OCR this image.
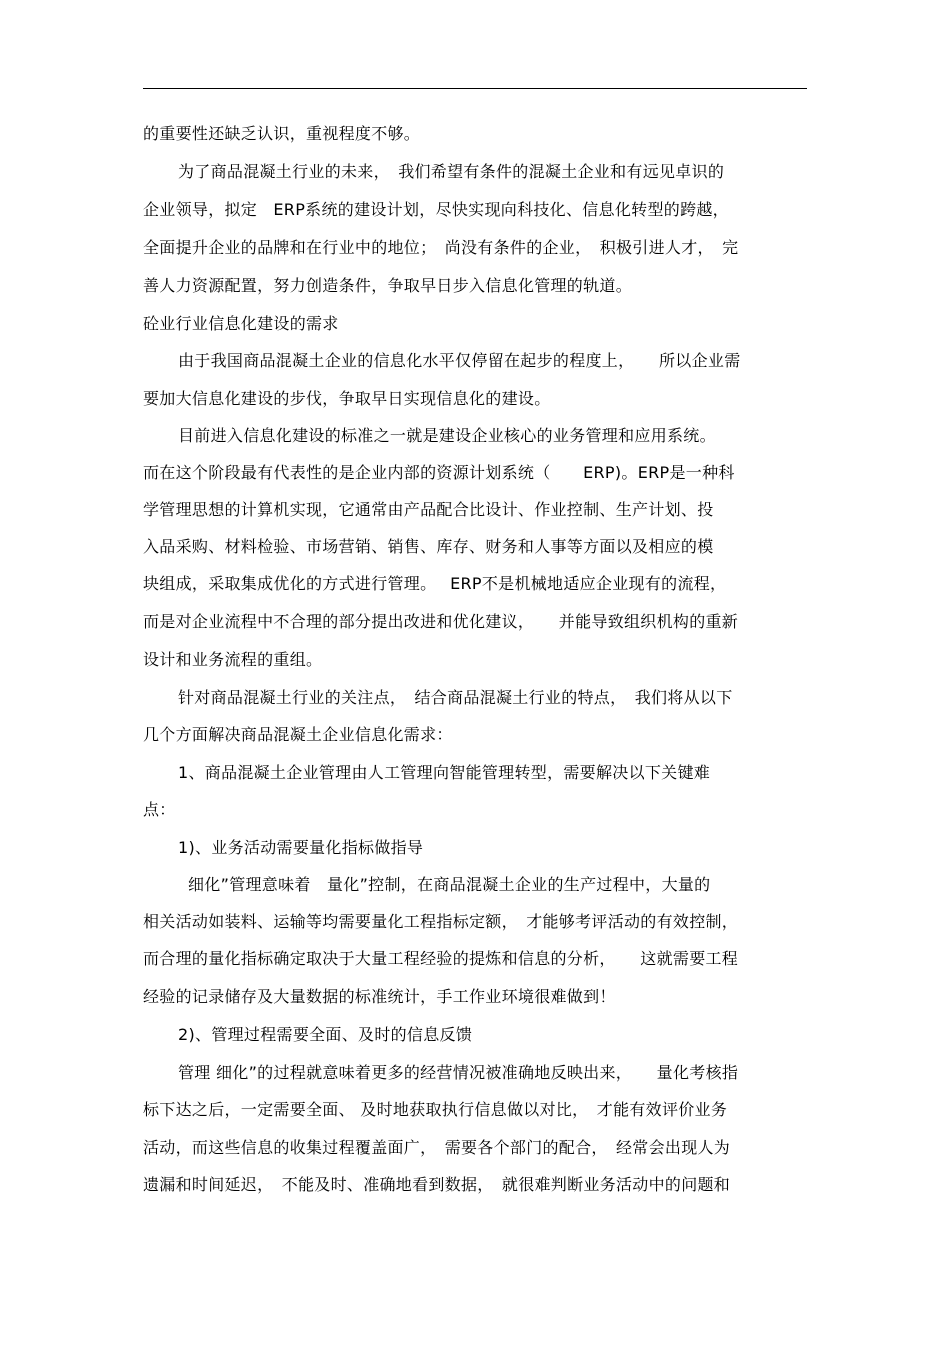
的重要性还缺乏认识，重视程度不够。
为了商品混凝土行业的未来，　我们希望有条件的混凝土企业和有远见卓识的
企业领导，拟定　ERP系统的建设计划，尽快实现向科技化、信息化转型的跨越，
全面提升企业的品牌和在行业中的地位；　尚没有条件的企业，　积极引进人才，　完
善人力资源配置，努力创造条件，争取早日步入信息化管理的轨道。
砼业行业信息化建设的需求
由于我国商品混凝土企业的信息化水平仅停留在起步的程度上，　　所以企业需
要加大信息化建设的步伐，争取早日实现信息化的建设。
目前进入信息化建设的标准之一就是建设企业核心的业务管理和应用系统。
而在这个阶段最有代表性的是企业内部的资源计划系统（　　ERP)。ERP是一种科
学管理思想的计算机实现，它通常由产品配合比设计、作业控制、生产计划、投
入品采购、材料检验、市场营销、销售、库存、财务和人事等方面以及相应的模
块组成，采取集成优化的方式进行管理。　 ERP不是机械地适应企业现有的流程，
而是对企业流程中不合理的部分提出改进和优化建议，　　并能导致组织机构的重新
设计和业务流程的重组。
针对商品混凝土行业的关注点，　结合商品混凝土行业的特点，　我们将从以下
几个方面解决商品混凝土企业信息化需求：
1、商品混凝土企业管理由人工管理向智能管理转型，需要解决以下关键难
点：
1)、业务活动需要量化指标做指导
细化”管理意味着　量化”控制，在商品混凝土企业的生产过程中，大量的
相关活动如装料、运输等均需要量化工程指标定额，　才能够考评活动的有效控制，
而合理的量化指标确定取决于大量工程经验的提炼和信息的分析，　　这就需要工程
经验的记录储存及大量数据的标准统计，手工作业环境很难做到！
2)、管理过程需要全面、及时的信息反馈
管理 细化”的过程就意味着更多的经营情况被准确地反映出来，　　量化考核指
标下达之后，一定需要全面、 及时地获取执行信息做以对比，　才能有效评价业务
活动，而这些信息的收集过程覆盖面广，　需要各个部门的配合，　经常会出现人为
遗漏和时间延迟，　不能及时、准确地看到数据，　就很难判断业务活动中的问题和
